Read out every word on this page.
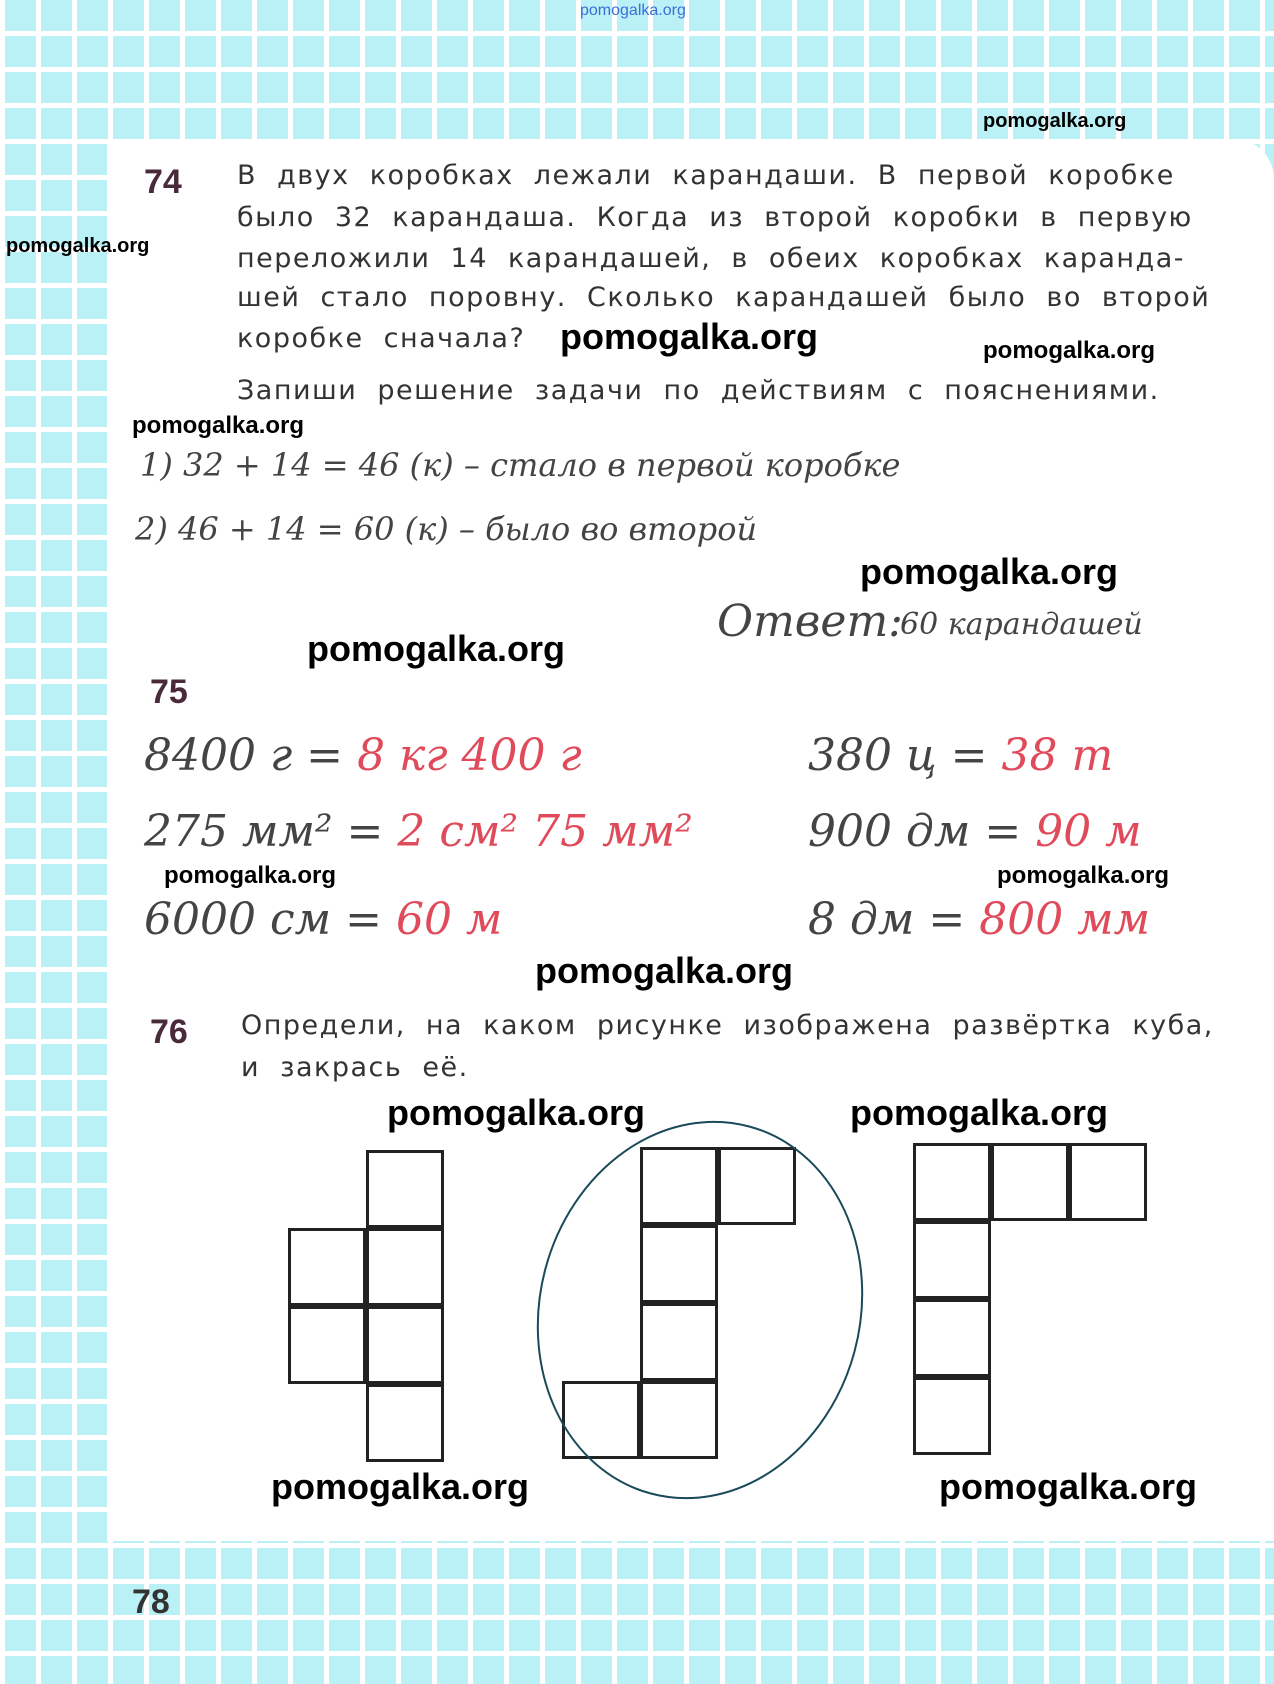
pomogalka.org
74 В двух коробках лежали карандаши. В первой коробке
было 32 карандаша. Когда из второй коробки в первую
переложили 14 карандашей, в обеих коробках каранда-
шей стало поровну. Сколько карандашей было во второй
коробке сначала?
Запиши решение задачи по действиям с пояснениями.
1) 32 + 14 = 46 (к) – стало в первой коробке
2) 46 + 14 = 60 (к) – было во второй
Ответ:
60 карандашей
75
8400 г = 8 кг 400 г	380 ц = 38 т
275 мм² = 2 см² 75 мм²	900 дм = 90 м
6000 см = 60 м	8 дм = 800 мм
76 Определи, на каком рисунке изображена развёртка куба,
и закрась её.
78
pomogalka.org
pomogalka.org
pomogalka.org	pomogalka.org
pomogalka.org
pomogalka.org
pomogalka.org
pomogalka.org
pomogalka.org
pomogalka.org
pomogalka.org	pomogalka.org
pomogalka.org	pomogalka.org
